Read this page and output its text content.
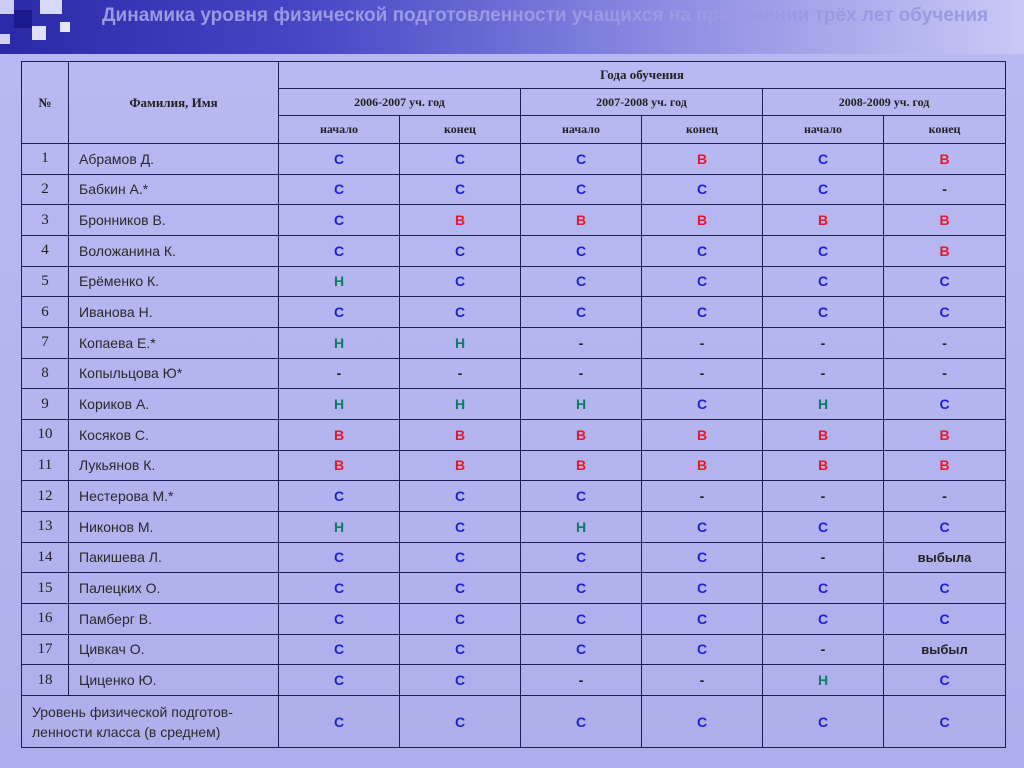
Динамика уровня физической подготовленности учащихся на протяжении трёх лет обучения
№	Фамилия, Имя	Года обучения					
		2006-2007 уч. год		2007-2008 уч. год		2008-2009 уч. год	
		начало	конец	начало	конец	начало	конец
1	Абрамов Д.	С	С	С	В	С	В
2	Бабкин А.*	С	С	С	С	С	-
3	Бронников В.	С	В	В	В	В	В
4	Воложанина К.	С	С	С	С	С	В
5	Ерёменко К.	Н	С	С	С	С	С
6	Иванова Н.	С	С	С	С	С	С
7	Копаева Е.*	Н	Н	-	-	-	-
8	Копыльцова Ю*	-	-	-	-	-	-
9	Кориков А.	Н	Н	Н	С	Н	С
10	Косяков С.	В	В	В	В	В	В
11	Лукьянов К.	В	В	В	В	В	В
12	Нестерова М.*	С	С	С	-	-	-
13	Никонов М.	Н	С	Н	С	С	С
14	Пакишева Л.	С	С	С	С	-	выбыла
15	Палецких О.	С	С	С	С	С	С
16	Памберг В.	С	С	С	С	С	С
17	Цивкач О.	С	С	С	С	-	выбыл
18	Циценко Ю.	С	С	-	-	Н	С
Уровень физической подготов-
ленности класса (в среднем)		С	С	С	С	С	С
